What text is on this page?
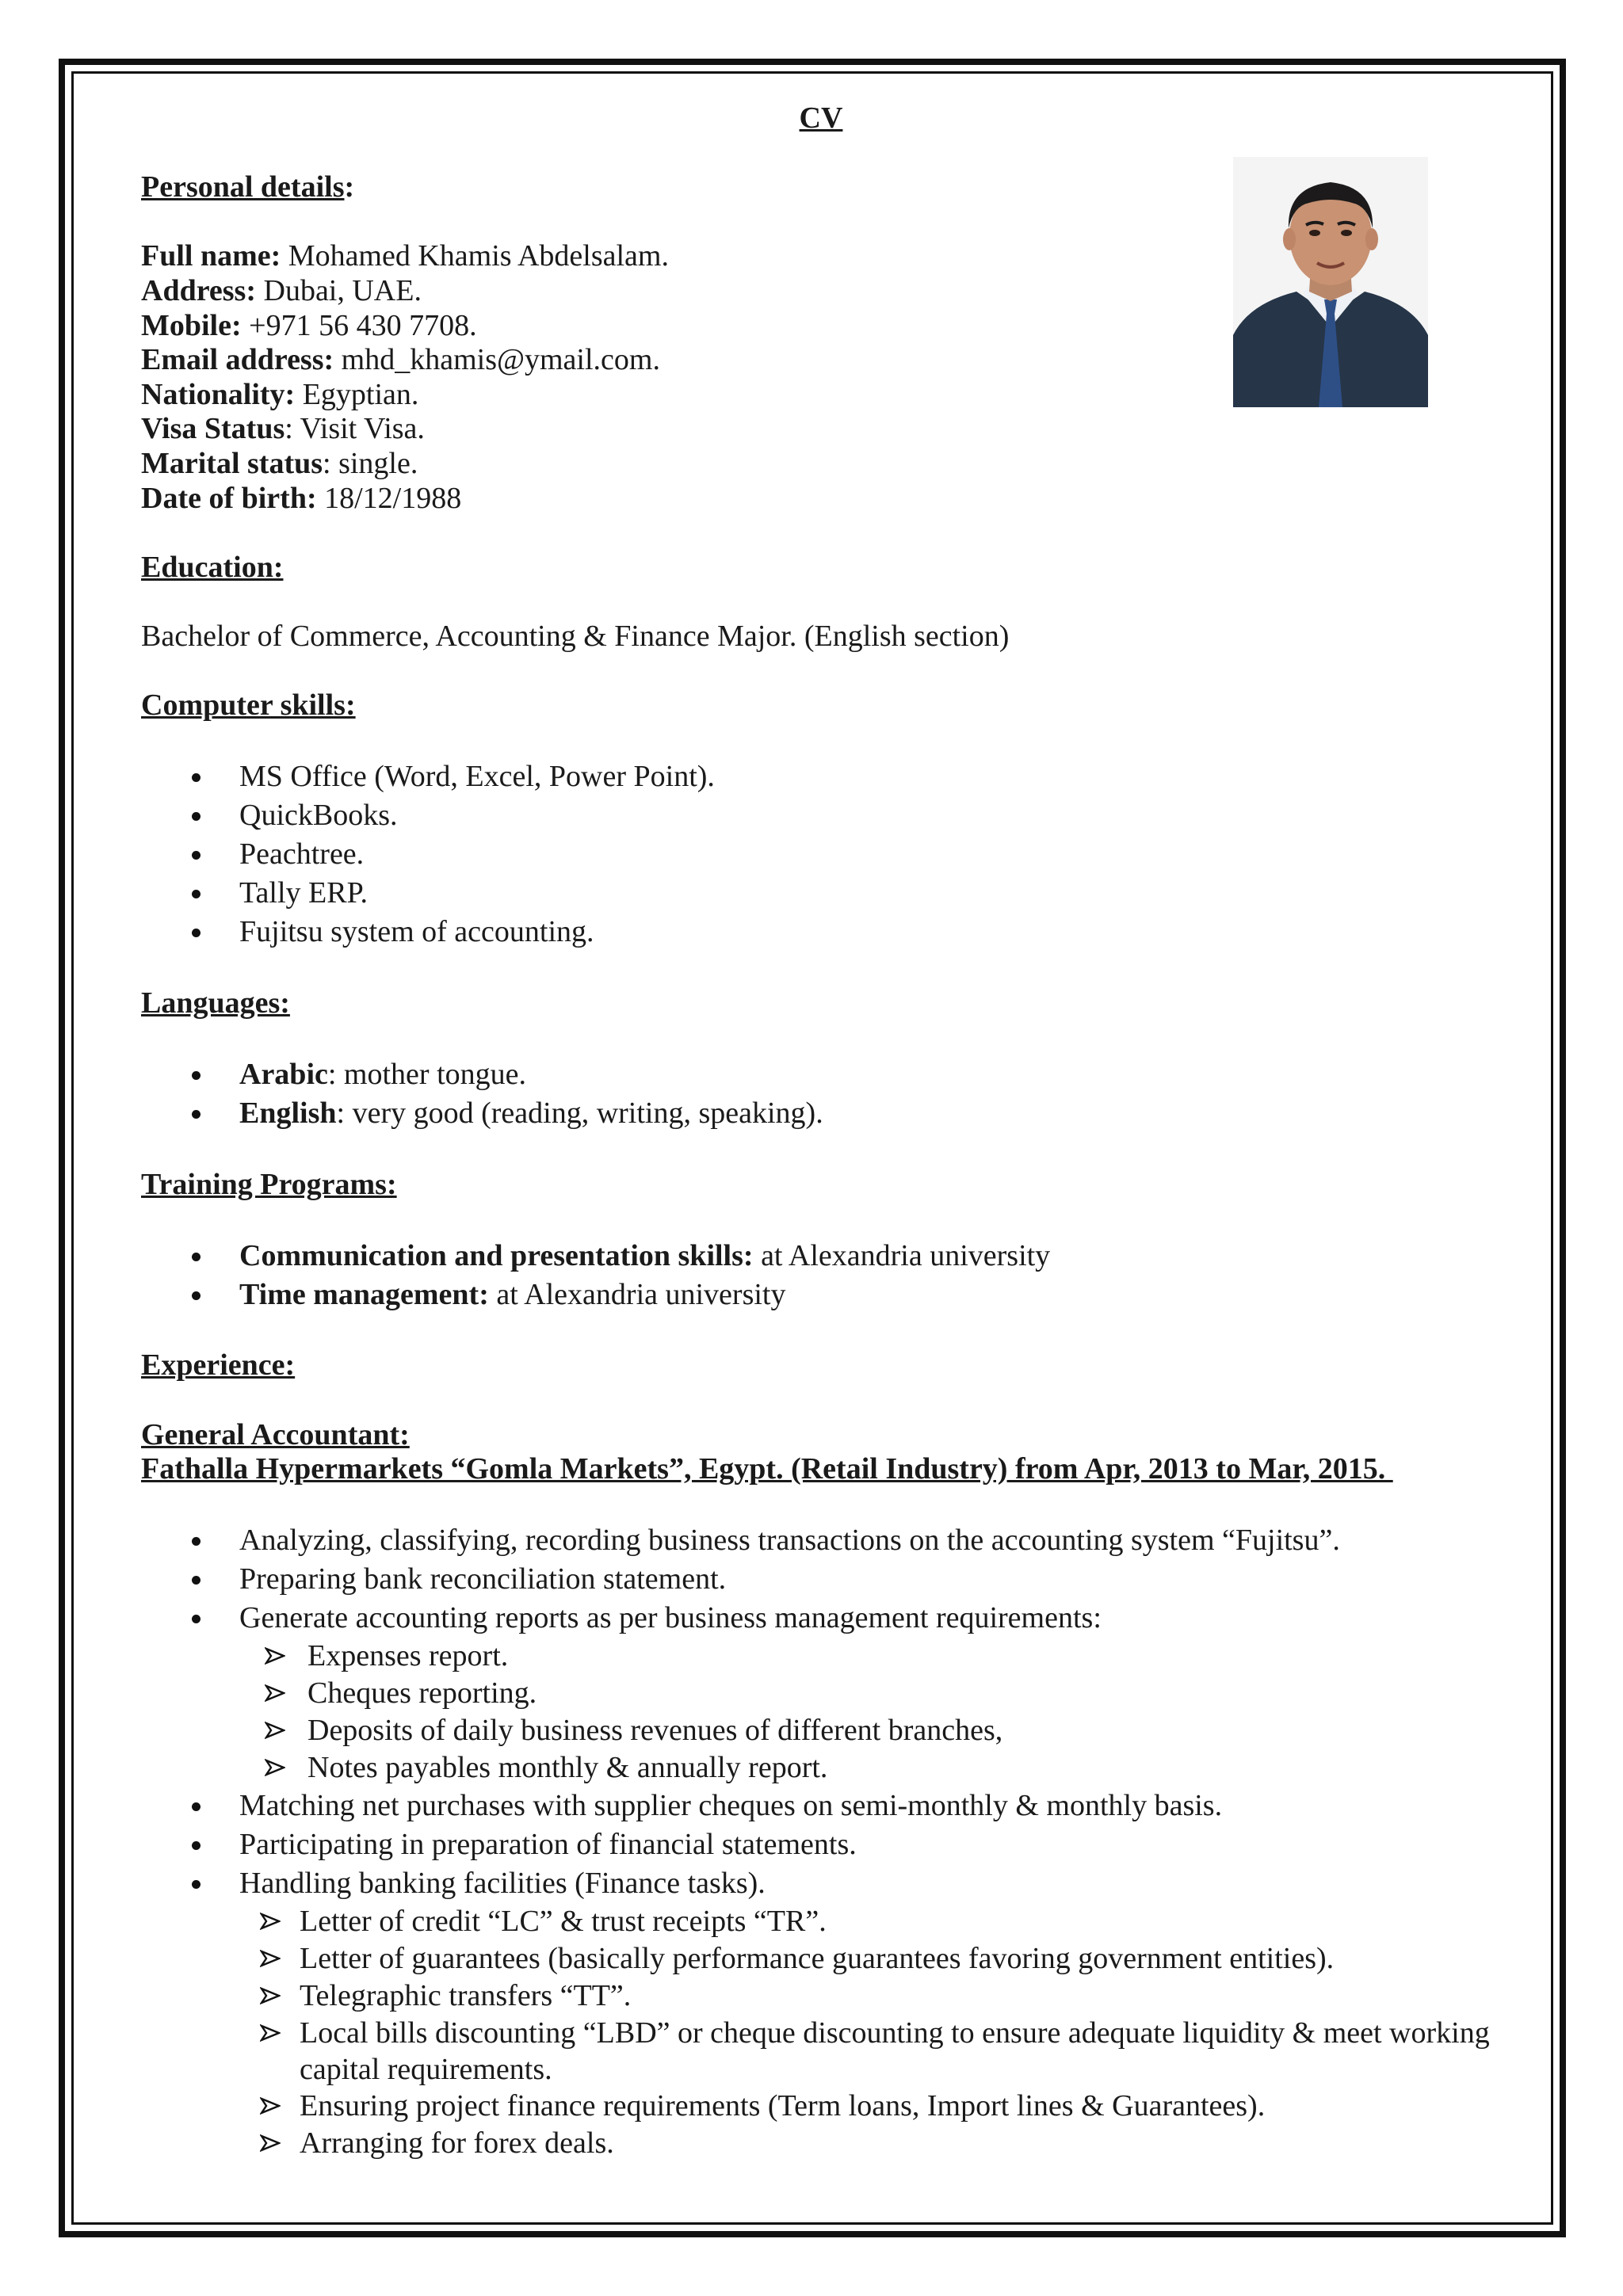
CV

Personal details:

Full name: Mohamed Khamis Abdelsalam.

Address: Dubai, UAE.

Mobile: +971 56 430 7708.

Email address: mhd_khamis@ymail.com.

Nationality: Egyptian.

Visa Status: Visit Visa.

Marital status: single.

Date of birth: 18/12/1988

Education:

Bachelor of Commerce, Accounting & Finance Major. (English section)

Computer skills:

MS Office (Word, Excel, Power Point).
QuickBooks.
Peachtree.
Tally ERP.
Fujitsu system of accounting.

Languages:

Arabic: mother tongue.
English: very good (reading, writing, speaking).

Training Programs:

Communication and presentation skills: at Alexandria university
Time management: at Alexandria university

Experience:

General Accountant:

Fathalla Hypermarkets “Gomla Markets”, Egypt. (Retail Industry) from Apr, 2013 to Mar, 2015.

Analyzing, classifying, recording business transactions on the accounting system “Fujitsu”.
Preparing bank reconciliation statement.
Generate accounting reports as per business management requirements:
Expenses report.
Cheques reporting.
Deposits of daily business revenues of different branches,
Notes payables monthly & annually report.
Matching net purchases with supplier cheques on semi-monthly & monthly basis.
Participating in preparation of financial statements.
Handling banking facilities (Finance tasks).
Letter of credit “LC” & trust receipts “TR”.
Letter of guarantees (basically performance guarantees favoring government entities).
Telegraphic transfers “TT”.
Local bills discounting “LBD” or cheque discounting to ensure adequate liquidity & meet working capital requirements.
Ensuring project finance requirements (Term loans, Import lines & Guarantees).
Arranging for forex deals.
